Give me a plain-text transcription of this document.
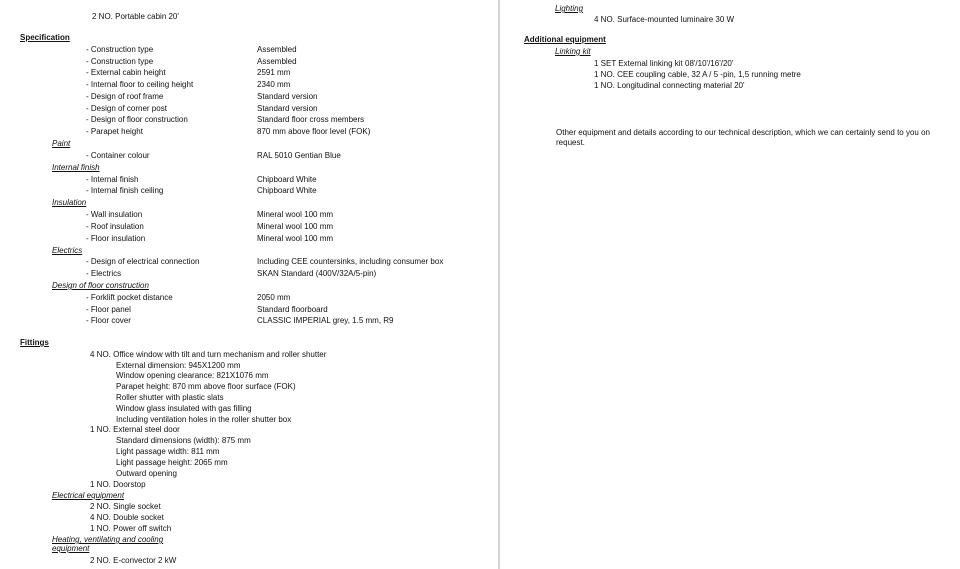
2 NO. Portable cabin 20'
Specification
- Construction type	Assembled
- Construction type	Assembled
- External cabin height	2591 mm
- Internal floor to ceiling height	2340 mm
- Design of roof frame	Standard version
- Design of corner post	Standard version
- Design of floor construction	Standard floor cross members
- Parapet height	870 mm above floor level (FOK)
Paint
- Container colour	RAL 5010 Gentian Blue
Internal finish
- Internal finish	Chipboard White
- Internal finish ceiling	Chipboard White
Insulation
- Wall insulation	Mineral wool 100 mm
- Roof insulation	Mineral wool 100 mm
- Floor insulation	Mineral wool 100 mm
Electrics
- Design of electrical connection	Including CEE countersinks, including consumer box
- Electrics	SKAN Standard (400V/32A/5-pin)
Design of floor construction
- Forklift pocket distance	2050 mm
- Floor panel	Standard floorboard
- Floor cover	CLASSIC IMPERIAL grey, 1.5 mm, R9
Fittings
4 NO. Office window with tilt and turn mechanism and roller shutter
External dimension: 945X1200 mm
Window opening clearance: 821X1076 mm
Parapet height: 870 mm above floor surface (FOK)
Roller shutter with plastic slats
Window glass insulated with gas filling
Including ventilation holes in the roller shutter box
1 NO. External steel door
Standard dimensions (width): 875 mm
Light passage width: 811 mm
Light passage height: 2065 mm
Outward opening
1 NO. Doorstop
Electrical equipment
2 NO. Single socket
4 NO. Double socket
1 NO. Power off switch
Heating, ventilating and cooling equipment
2 NO. E-convector 2 kW
Lighting
4 NO. Surface-mounted luminaire 30 W
Additional equipment
Linking kit
1 SET External linking kit 08'/10'/16'/20'
1 NO. CEE coupling cable, 32 A / 5 -pin, 1,5 running metre
1 NO. Longitudinal connecting material 20'
Other equipment and details according to our technical description, which we can certainly send to you on request.
